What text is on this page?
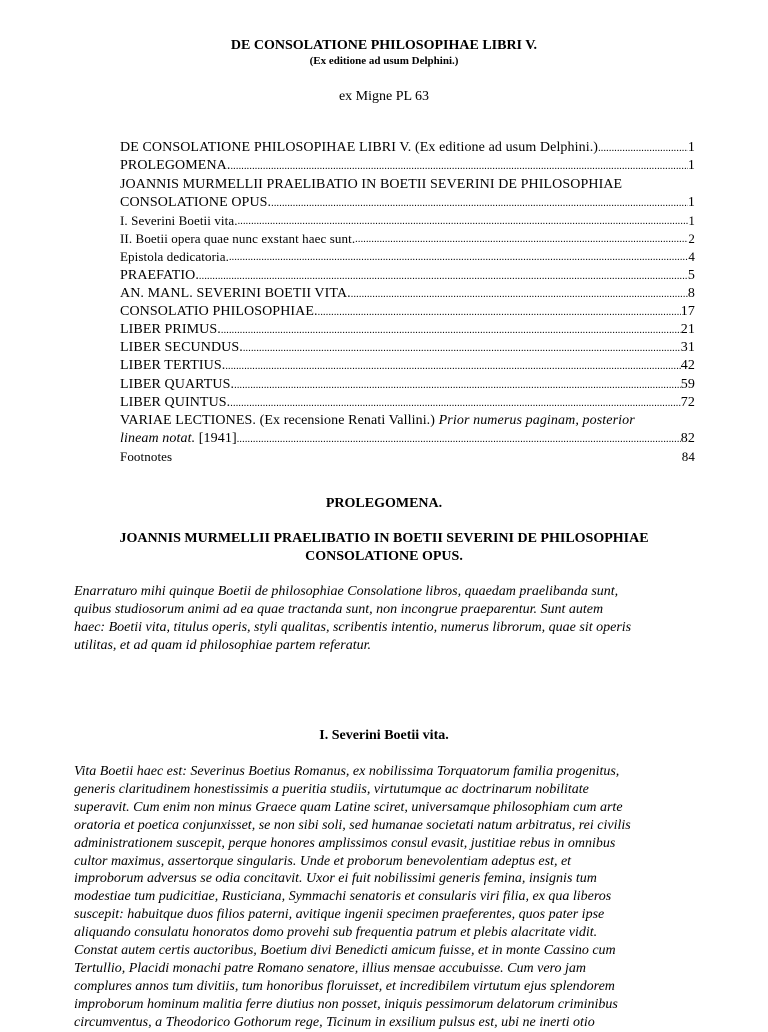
DE CONSOLATIONE PHILOSOPIHAE LIBRI V.
(Ex editione ad usum Delphini.)
ex Migne PL 63
DE CONSOLATIONE PHILOSOPIHAE LIBRI V. (Ex editione ad usum Delphini.) .....	1
PROLEGOMENA. .....	1
JOANNIS MURMELLII PRAELIBATIO IN BOETII SEVERINI DE PHILOSOPHIAE
CONSOLATIONE OPUS. .....	1
I. Severini Boetii vita. .....	1
II. Boetii opera quae nunc exstant haec sunt. .....	2
Epistola dedicatoria. .....	4
PRAEFATIO. .....	5
AN. MANL. SEVERINI BOETII VITA. .....	8
CONSOLATIO PHILOSOPHIAE. .....	17
LIBER PRIMUS. .....	21
LIBER SECUNDUS. .....	31
LIBER TERTIUS. .....	42
LIBER QUARTUS. .....	59
LIBER QUINTUS. .....	72
VARIAE LECTIONES. (Ex recensione Renati Vallini.) Prior numerus paginam, posterior
lineam notat. [1941] .....	82
Footnotes	84
PROLEGOMENA.
JOANNIS MURMELLII PRAELIBATIO IN BOETII SEVERINI DE PHILOSOPHIAE
CONSOLATIONE OPUS.

Enarraturo mihi quinque Boetii de philosophiae Consolatione libros, quaedam praelibanda sunt,
quibus studiosorum animi ad ea quae tractanda sunt, non incongrue praeparentur. Sunt autem
haec: Boetii vita, titulus operis, styli qualitas, scribentis intentio, numerus librorum, quae sit operis
utilitas, et ad quam id philosophiae partem referatur.

I. Severini Boetii vita.

Vita Boetii haec est: Severinus Boetius Romanus, ex nobilissima Torquatorum familia progenitus,
generis claritudinem honestissimis a pueritia studiis, virtutumque ac doctrinarum nobilitate
superavit. Cum enim non minus Graece quam Latine sciret, universamque philosophiam cum arte
oratoria et poetica conjunxisset, se non sibi soli, sed humanae societati natum arbitratus, rei civilis
administrationem suscepit, perque honores amplissimos consul evasit, justitiae rebus in omnibus
cultor maximus, assertorque singularis. Unde et proborum benevolentiam adeptus est, et
improborum adversus se odia concitavit. Uxor ei fuit nobilissimi generis femina, insignis tum
modestiae tum pudicitiae, Rusticiana, Symmachi senatoris et consularis viri filia, ex qua liberos
suscepit: habuitque duos filios paterni, avitique ingenii specimen praeferentes, quos pater ipse
aliquando consulatu honoratos domo provehi sub frequentia patrum et plebis alacritate vidit.
Constat autem certis auctoribus, Boetium divi Benedicti amicum fuisse, et in monte Cassino cum
Tertullio, Placidi monachi patre Romano senatore, illius mensae accubuisse. Cum vero jam
complures annos tum divitiis, tum honoribus floruisset, et incredibilem virtutum ejus splendorem
improborum hominum malitia ferre diutius non posset, iniquis pessimorum delatorum criminibus
circumventus, a Theodorico Gothorum rege, Ticinum in exsilium pulsus est, ubi ne inerti otio
